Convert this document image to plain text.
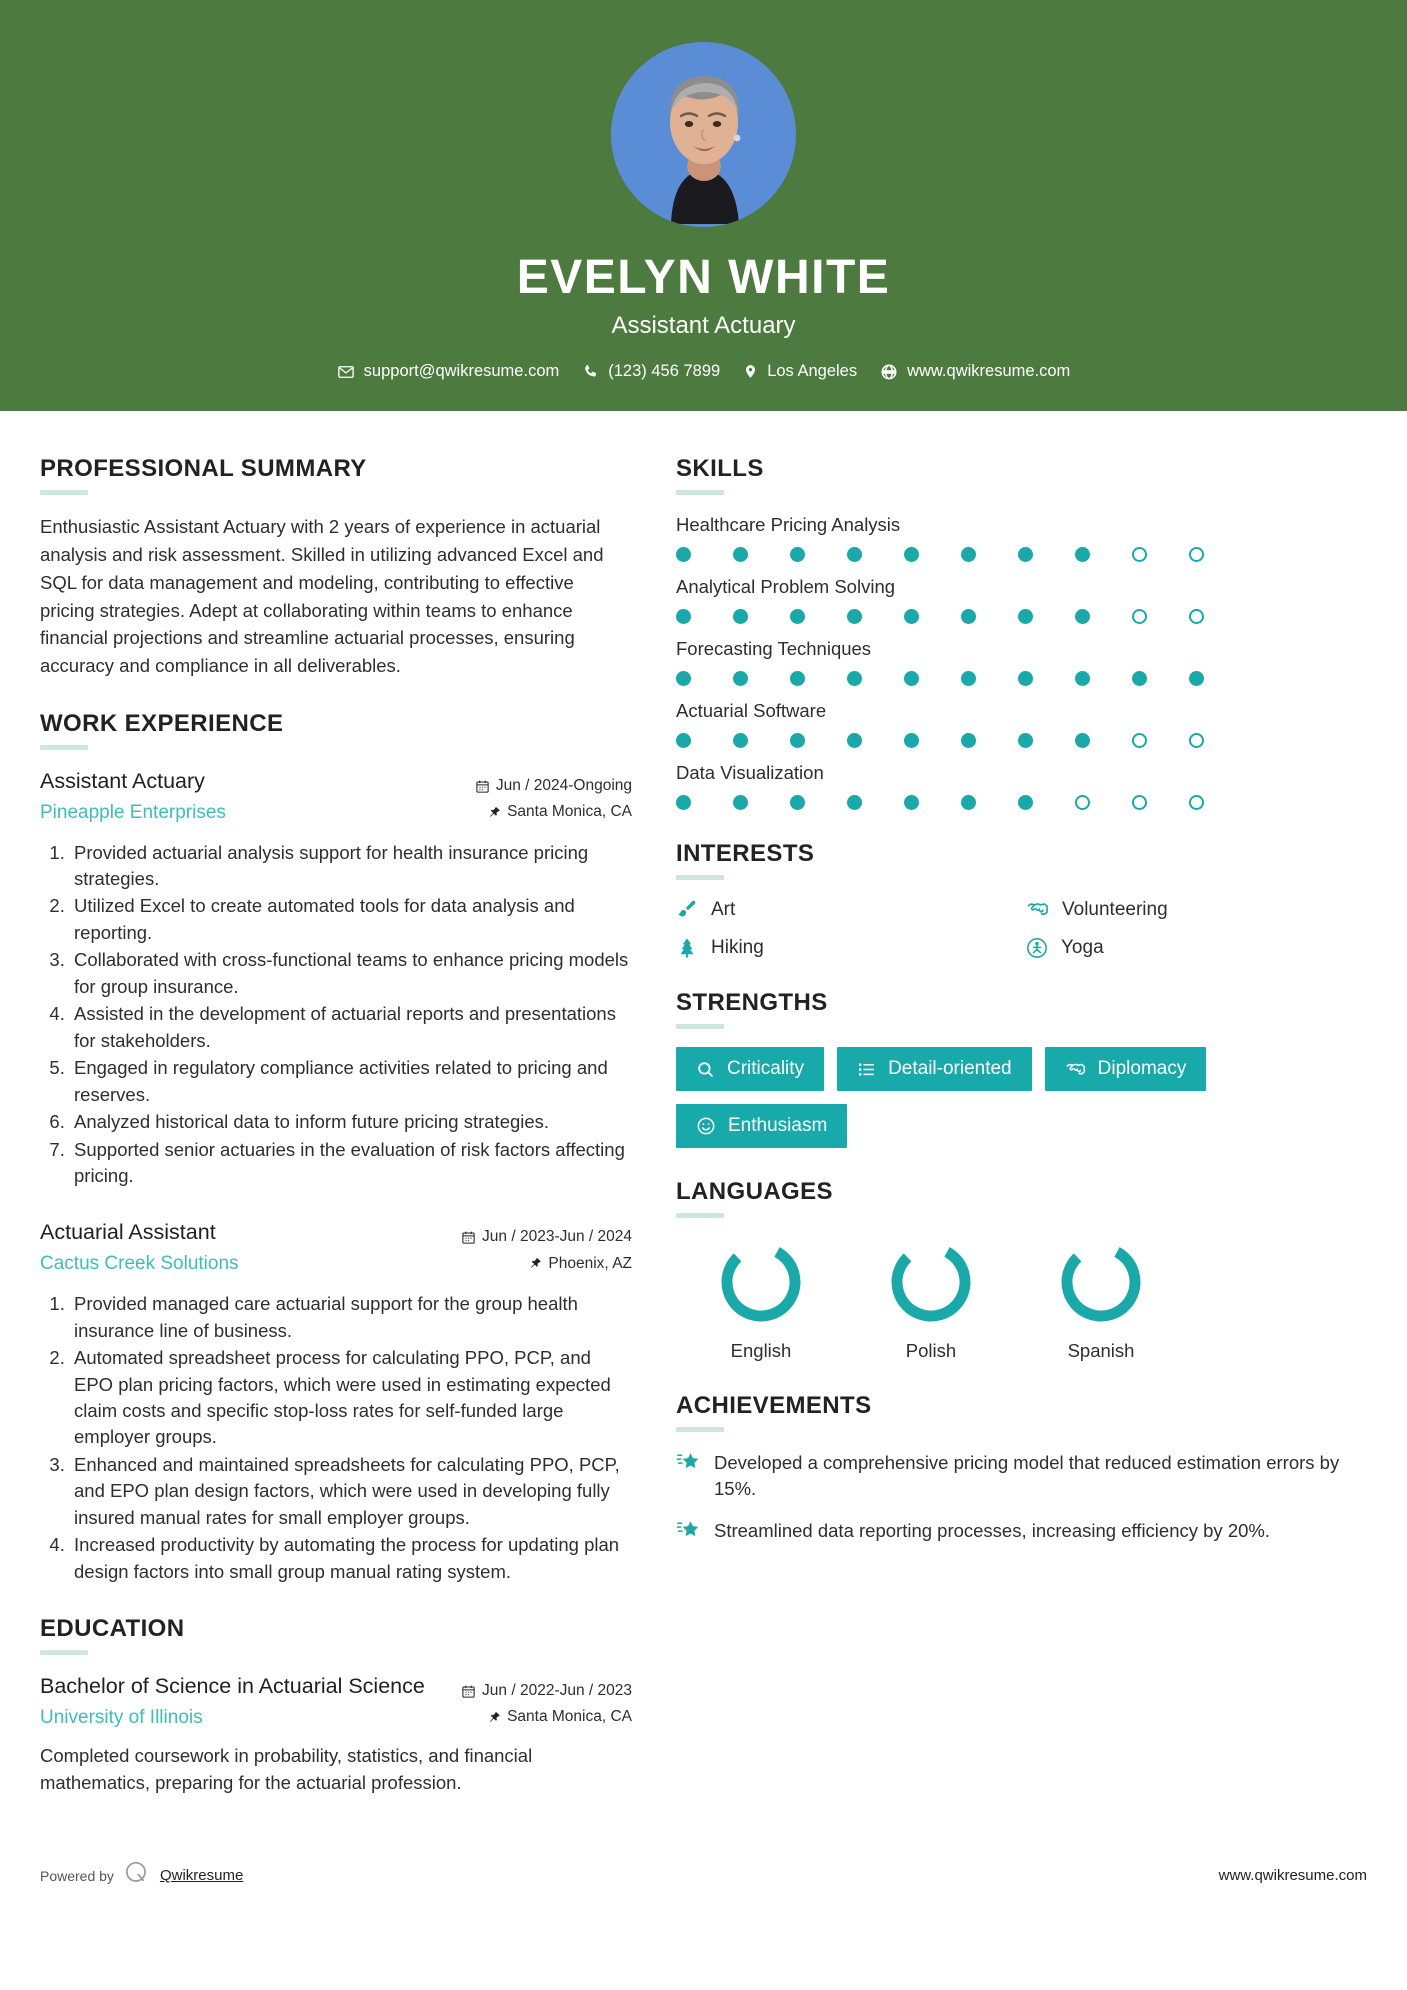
EVELYN WHITE
Assistant Actuary
support@qwikresume.com	(123) 456 7899	Los Angeles	www.qwikresume.com
PROFESSIONAL SUMMARY
Enthusiastic Assistant Actuary with 2 years of experience in actuarial analysis and risk assessment. Skilled in utilizing advanced Excel and SQL for data management and modeling, contributing to effective pricing strategies. Adept at collaborating within teams to enhance financial projections and streamline actuarial processes, ensuring accuracy and compliance in all deliverables.
WORK EXPERIENCE
Assistant Actuary
Pineapple Enterprises
Jun / 2024-Ongoing
Santa Monica, CA
1. Provided actuarial analysis support for health insurance pricing strategies.
2. Utilized Excel to create automated tools for data analysis and reporting.
3. Collaborated with cross-functional teams to enhance pricing models for group insurance.
4. Assisted in the development of actuarial reports and presentations for stakeholders.
5. Engaged in regulatory compliance activities related to pricing and reserves.
6. Analyzed historical data to inform future pricing strategies.
7. Supported senior actuaries in the evaluation of risk factors affecting pricing.
Actuarial Assistant
Cactus Creek Solutions
Jun / 2023-Jun / 2024
Phoenix, AZ
1. Provided managed care actuarial support for the group health insurance line of business.
2. Automated spreadsheet process for calculating PPO, PCP, and EPO plan pricing factors, which were used in estimating expected claim costs and specific stop-loss rates for self-funded large employer groups.
3. Enhanced and maintained spreadsheets for calculating PPO, PCP, and EPO plan design factors, which were used in developing fully insured manual rates for small employer groups.
4. Increased productivity by automating the process for updating plan design factors into small group manual rating system.
EDUCATION
Bachelor of Science in Actuarial Science
University of Illinois
Jun / 2022-Jun / 2023
Santa Monica, CA
Completed coursework in probability, statistics, and financial mathematics, preparing for the actuarial profession.
SKILLS
Healthcare Pricing Analysis
Analytical Problem Solving
Forecasting Techniques
Actuarial Software
Data Visualization
INTERESTS
Art	Volunteering
Hiking	Yoga
STRENGTHS
Criticality	Detail-oriented	Diplomacy
Enthusiasm
LANGUAGES
English	Polish	Spanish
ACHIEVEMENTS
Developed a comprehensive pricing model that reduced estimation errors by 15%.
Streamlined data reporting processes, increasing efficiency by 20%.
Powered by	Qwikresume	www.qwikresume.com
